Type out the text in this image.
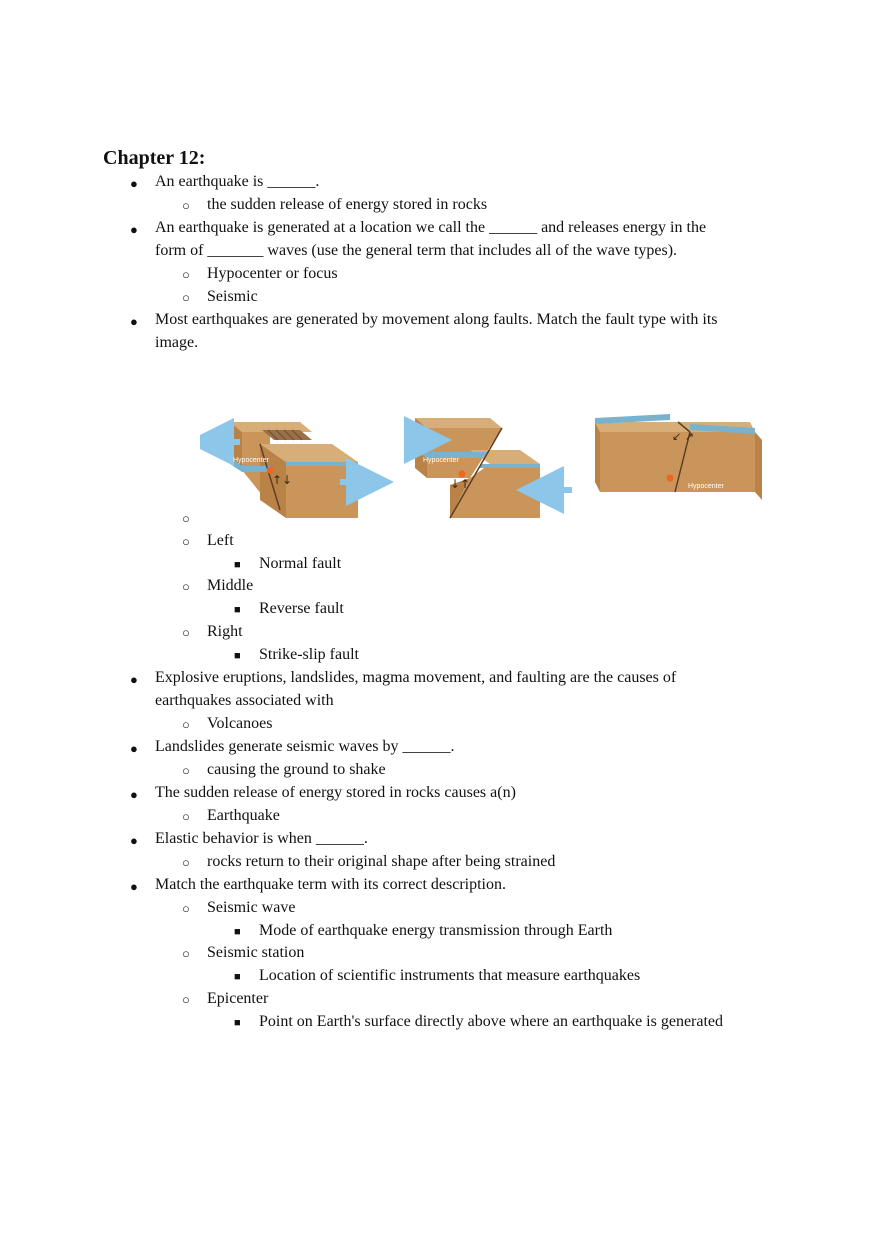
Chapter 12:
● An earthquake is ______.
○ the sudden release of energy stored in rocks
● An earthquake is generated at a location we call the ______ and releases energy in the
form of _______ waves (use the general term that includes all of the wave types).
○ Hypocenter or focus
○ Seismic
● Most earthquakes are generated by movement along faults. Match the fault type with its
image.
Hypocenter
↑↓
Hypocenter
↓↑	Hypocenter
↙ ↗
○
○ Left
■ Normal fault
○ Middle
■ Reverse fault
○ Right
■ Strike-slip fault
● Explosive eruptions, landslides, magma movement, and faulting are the causes of
earthquakes associated with
○ Volcanoes
● Landslides generate seismic waves by ______.
○ causing the ground to shake
● The sudden release of energy stored in rocks causes a(n)
○ Earthquake
● Elastic behavior is when ______.
○ rocks return to their original shape after being strained
● Match the earthquake term with its correct description.
○ Seismic wave
■ Mode of earthquake energy transmission through Earth
○ Seismic station
■ Location of scientific instruments that measure earthquakes
○ Epicenter
■ Point on Earth's surface directly above where an earthquake is generated
